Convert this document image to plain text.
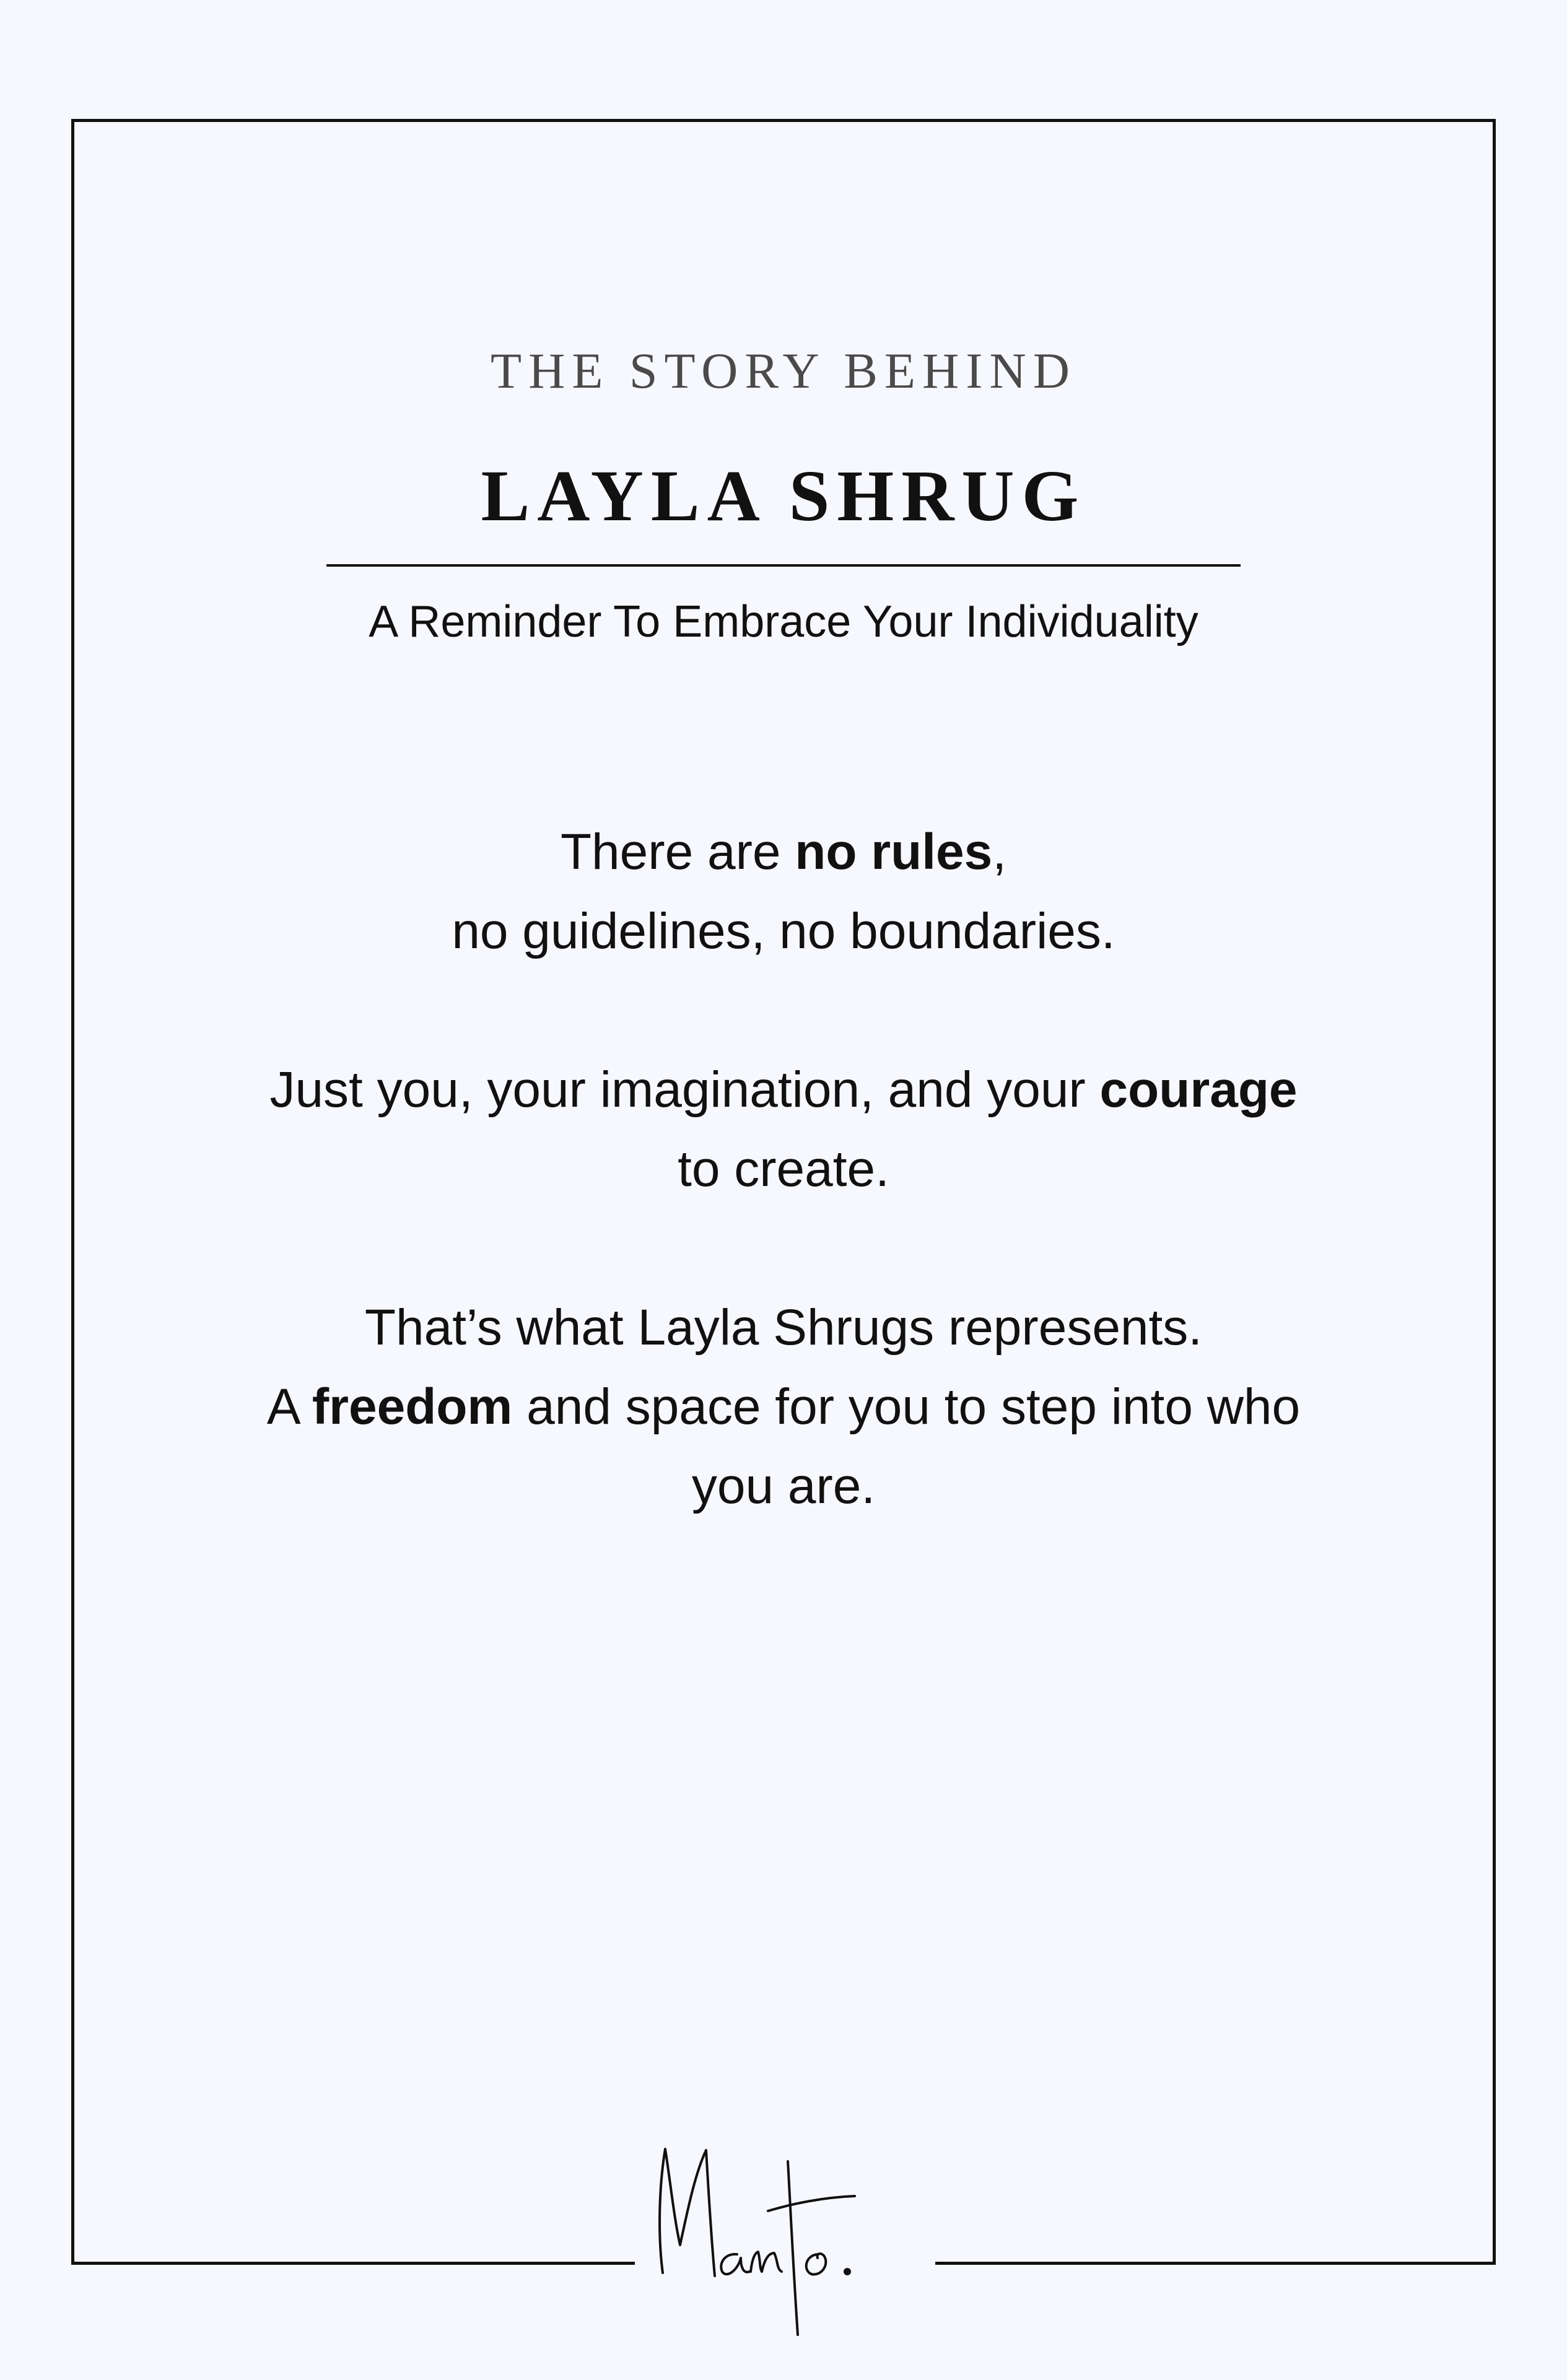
THE STORY BEHIND
LAYLA SHRUG
A Reminder To Embrace Your Individuality

There are no rules,
no guidelines, no boundaries.

Just you, your imagination, and your courage
to create.

That’s what Layla Shrugs represents.
A freedom and space for you to step into who
you are.
